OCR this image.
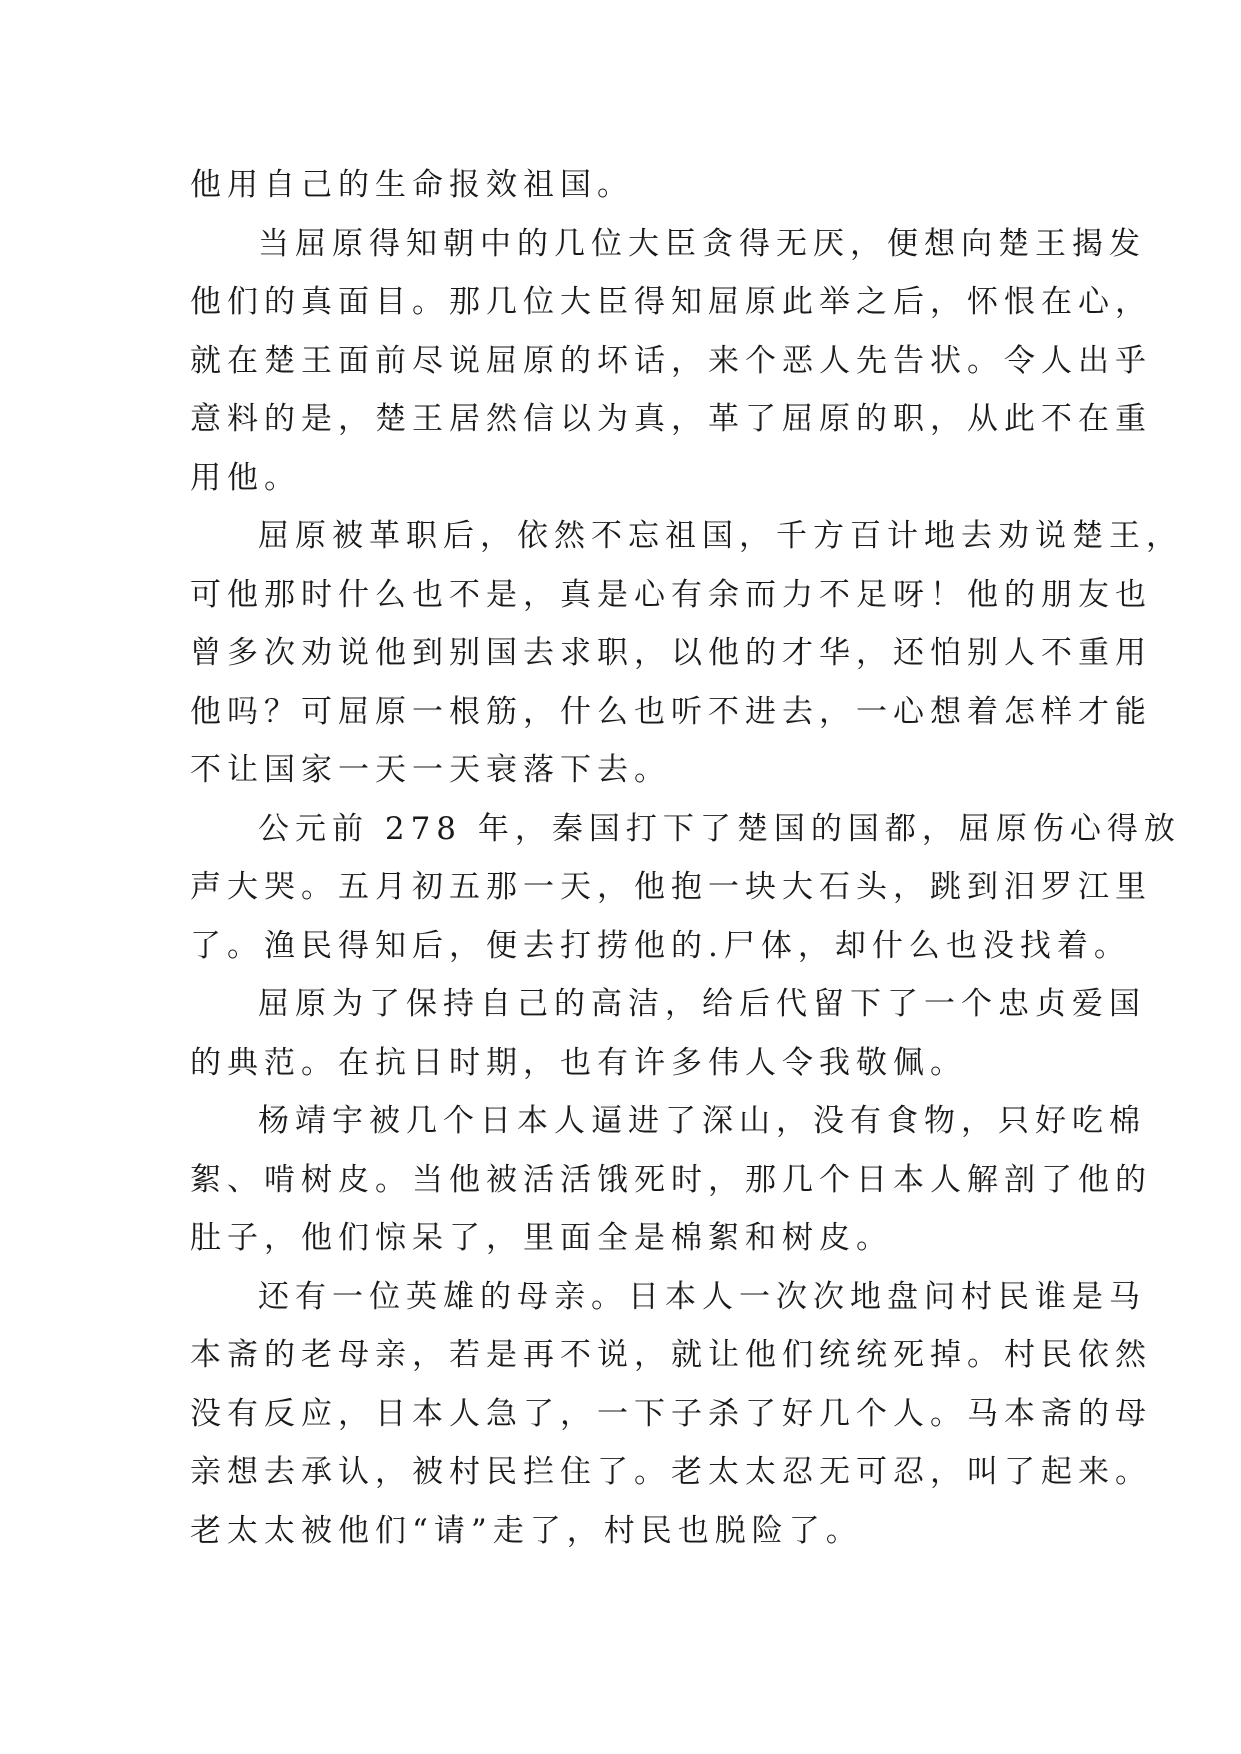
他用自己的生命报效祖国。
当屈原得知朝中的几位大臣贪得无厌，便想向楚王揭发
他们的真面目。那几位大臣得知屈原此举之后，怀恨在心，
就在楚王面前尽说屈原的坏话，来个恶人先告状。令人出乎
意料的是，楚王居然信以为真，革了屈原的职，从此不在重
用他。
屈原被革职后，依然不忘祖国，千方百计地去劝说楚王，
可他那时什么也不是，真是心有余而力不足呀！他的朋友也
曾多次劝说他到别国去求职，以他的才华，还怕别人不重用
他吗？可屈原一根筋，什么也听不进去，一心想着怎样才能
不让国家一天一天衰落下去。
公元前 278 年，秦国打下了楚国的国都，屈原伤心得放
声大哭。五月初五那一天，他抱一块大石头，跳到汨罗江里
了。渔民得知后，便去打捞他的.尸体，却什么也没找着。
屈原为了保持自己的高洁，给后代留下了一个忠贞爱国
的典范。在抗日时期，也有许多伟人令我敬佩。
杨靖宇被几个日本人逼进了深山，没有食物，只好吃棉
絮、啃树皮。当他被活活饿死时，那几个日本人解剖了他的
肚子，他们惊呆了，里面全是棉絮和树皮。
还有一位英雄的母亲。日本人一次次地盘问村民谁是马
本斋的老母亲，若是再不说，就让他们统统死掉。村民依然
没有反应，日本人急了，一下子杀了好几个人。马本斋的母
亲想去承认，被村民拦住了。老太太忍无可忍，叫了起来。
老太太被他们“请”走了，村民也脱险了。
